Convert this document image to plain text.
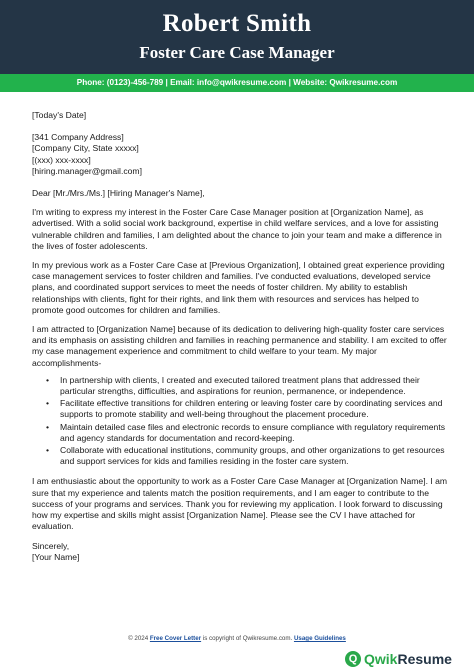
Robert Smith
Foster Care Case Manager
Phone: (0123)-456-789 | Email: info@qwikresume.com | Website: Qwikresume.com

[Today's Date]

[341 Company Address]
[Company City, State xxxxx]
[(xxx) xxx-xxxx]
[hiring.manager@gmail.com]

Dear [Mr./Mrs./Ms.] [Hiring Manager's Name],

I'm writing to express my interest in the Foster Care Case Manager position at [Organization Name], as advertised. With a solid social work background, expertise in child welfare services, and a love for assisting vulnerable children and families, I am delighted about the chance to join your team and make a difference in the lives of foster adolescents.

In my previous work as a Foster Care Case at [Previous Organization], I obtained great experience providing case management services to foster children and families. I've conducted evaluations, developed service plans, and coordinated support services to meet the needs of foster children. My ability to establish relationships with clients, fight for their rights, and link them with resources and services has helped to promote good outcomes for children and families.

I am attracted to [Organization Name] because of its dedication to delivering high-quality foster care services and its emphasis on assisting children and families in reaching permanence and stability. I am excited to offer my case management experience and commitment to child welfare to your team. My major accomplishments-

• In partnership with clients, I created and executed tailored treatment plans that addressed their particular strengths, difficulties, and aspirations for reunion, permanence, or independence.
• Facilitate effective transitions for children entering or leaving foster care by coordinating services and supports to promote stability and well-being throughout the placement procedure.
• Maintain detailed case files and electronic records to ensure compliance with regulatory requirements and agency standards for documentation and record-keeping.
• Collaborate with educational institutions, community groups, and other organizations to get resources and support services for kids and families residing in the foster care system.

I am enthusiastic about the opportunity to work as a Foster Care Case Manager at [Organization Name]. I am sure that my experience and talents match the position requirements, and I am eager to contribute to the success of your programs and services. Thank you for reviewing my application. I look forward to discussing how my expertise and skills might assist [Organization Name]. Please see the CV I have attached for evaluation.

Sincerely,

[Your Name]

© 2024 Free Cover Letter is copyright of Qwikresume.com. Usage Guidelines
Q Qwik Resume
